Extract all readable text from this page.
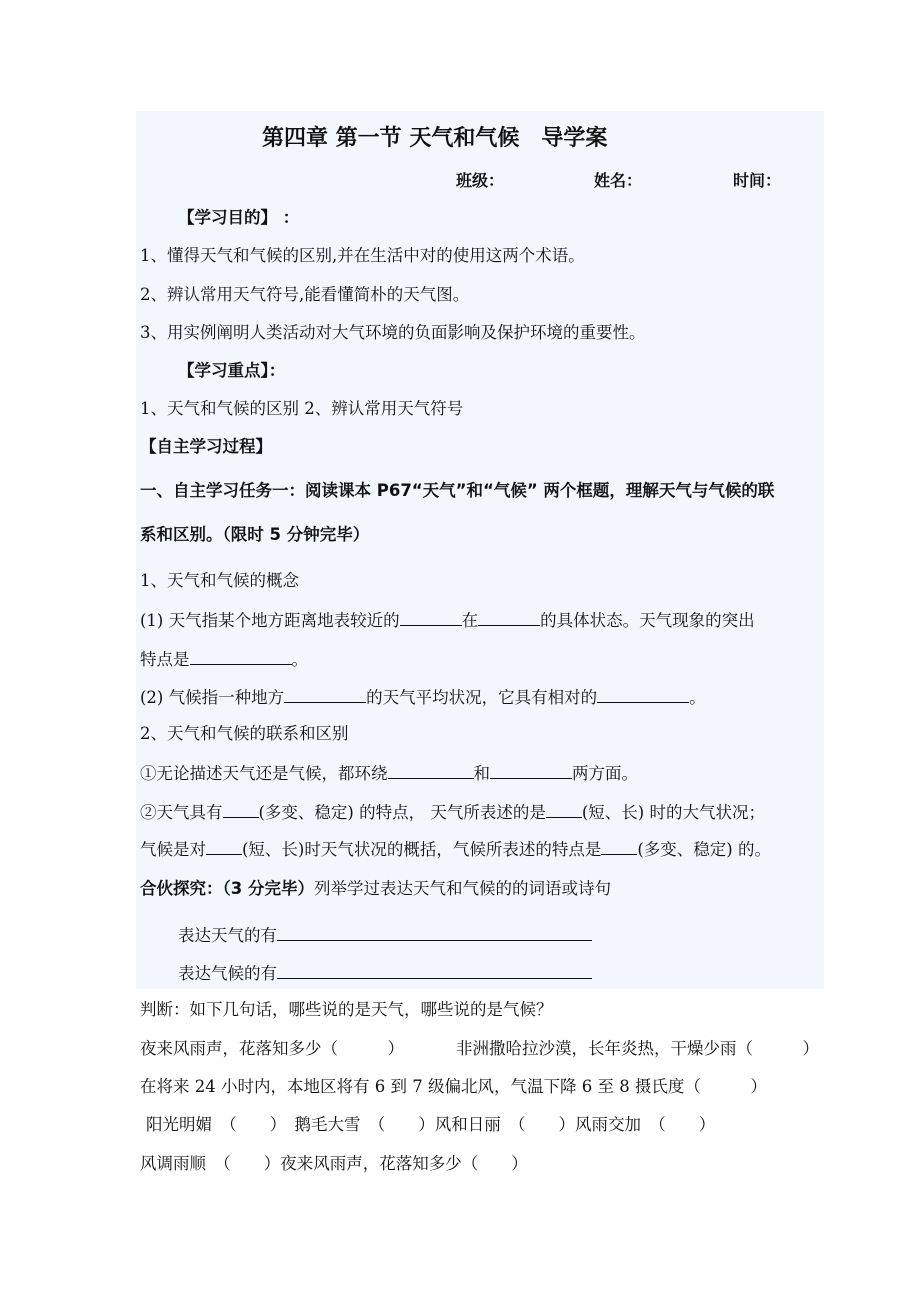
第四章 第一节 天气和气候　导学案
班级：	姓名：	时间：
【学习目的】 ：
1、懂得天气和气候的区别,并在生活中对的使用这两个术语。
2、辨认常用天气符号,能看懂简朴的天气图。
3、用实例阐明人类活动对大气环境的负面影响及保护环境的重要性。
【学习重点】：
1、天气和气候的区别 2、辨认常用天气符号
【自主学习过程】
一、自主学习任务一：阅读课本 P67“天气”和“气候” 两个框题，理解天气与气候的联
系和区别。（限时 5 分钟完毕）
1、天气和气候的概念
(1) 天气指某个地方距离地表较近的	在	的具体状态。天气现象的突出
特点是	。
(2) 气候指一种地方	的天气平均状况，它具有相对的	。
2、天气和气候的联系和区别
①无论描述天气还是气候，都环绕	和	两方面。
②天气具有 (多变、稳定) 的特点， 天气所表述的是 (短、长) 时的大气状况；
气候是对 (短、长)时天气状况的概括，气候所表述的特点是 (多变、稳定) 的。
合伙探究：（3 分完毕）列举学过表达天气和气候的的词语或诗句
表达天气的有
表达气候的有
判断：如下几句话，哪些说的是天气，哪些说的是气候？
夜来风雨声，花落知多少（　　　）	非洲撒哈拉沙漠，长年炎热，干燥少雨（　　　）
在将来 24 小时内，本地区将有 6 到 7 级偏北风，气温下降 6 至 8 摄氏度（　　　）
阳光明媚　（　　）　鹅毛大雪　（　　）风和日丽　（　　）风雨交加　（　　）
风调雨顺　（　　）夜来风雨声，花落知多少（　　）
